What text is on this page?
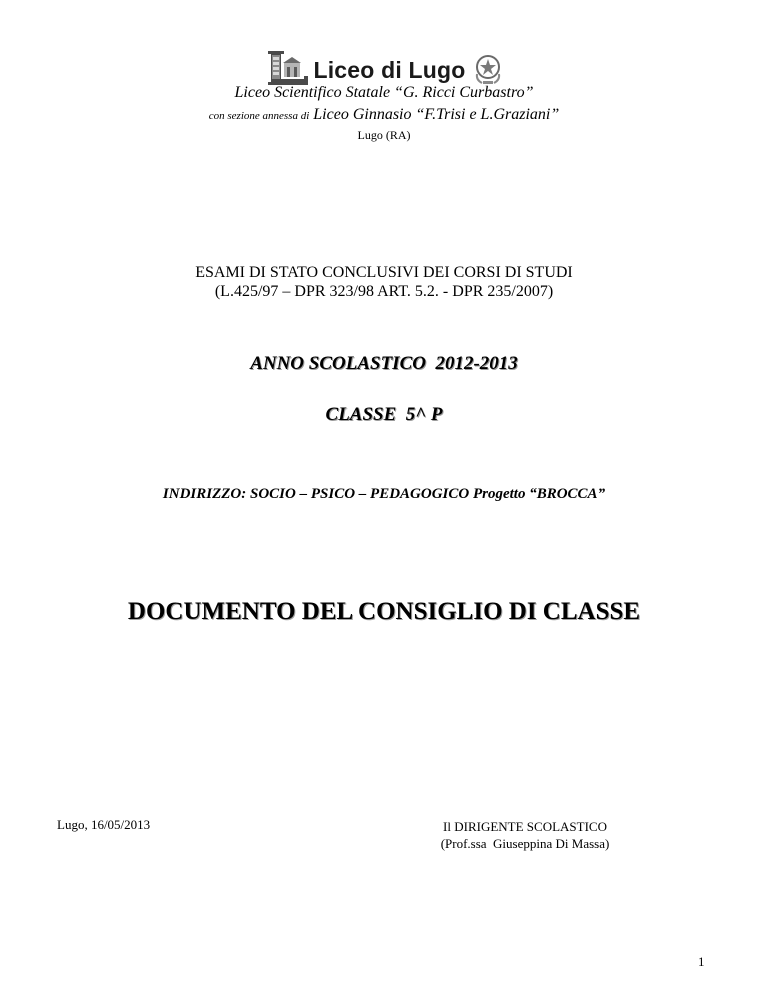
Liceo di Lugo
Liceo Scientifico Statale “G. Ricci Curbastro”
con sezione annessa di Liceo Ginnasio “F.Trisi e L.Graziani”
Lugo (RA)
ESAMI DI STATO CONCLUSIVI DEI CORSI DI STUDI
(L.425/97 – DPR 323/98 ART. 5.2. - DPR 235/2007)
ANNO SCOLASTICO  2012-2013
CLASSE  5^ P
INDIRIZZO: SOCIO – PSICO – PEDAGOGICO Progetto “BROCCA”
DOCUMENTO DEL CONSIGLIO DI CLASSE
Lugo, 16/05/2013	Il DIRIGENTE SCOLASTICO
(Prof.ssa  Giuseppina Di Massa)
1
